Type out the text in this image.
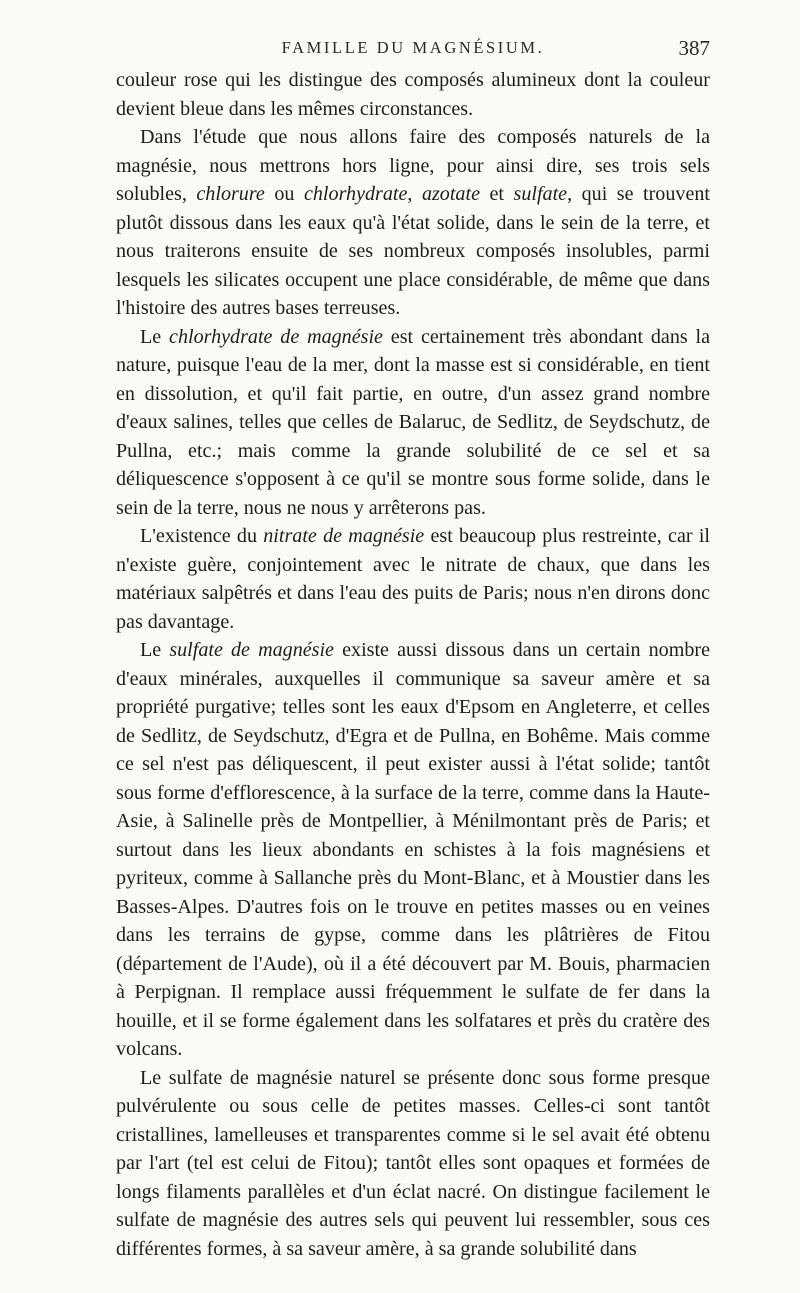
FAMILLE DU MAGNÉSIUM.	387

couleur rose qui les distingue des composés alumineux dont la couleur devient bleue dans les mêmes circonstances.

Dans l'étude que nous allons faire des composés naturels de la magnésie, nous mettrons hors ligne, pour ainsi dire, ses trois sels solubles, chlorure ou chlorhydrate, azotate et sulfate, qui se trouvent plutôt dissous dans les eaux qu'à l'état solide, dans le sein de la terre, et nous traiterons ensuite de ses nombreux composés insolubles, parmi lesquels les silicates occupent une place considérable, de même que dans l'histoire des autres bases terreuses.

Le chlorhydrate de magnésie est certainement très abondant dans la nature, puisque l'eau de la mer, dont la masse est si considérable, en tient en dissolution, et qu'il fait partie, en outre, d'un assez grand nombre d'eaux salines, telles que celles de Balaruc, de Sedlitz, de Seydschutz, de Pullna, etc.; mais comme la grande solubilité de ce sel et sa déliquescence s'opposent à ce qu'il se montre sous forme solide, dans le sein de la terre, nous ne nous y arrêterons pas.

L'existence du nitrate de magnésie est beaucoup plus restreinte, car il n'existe guère, conjointement avec le nitrate de chaux, que dans les matériaux salpêtrés et dans l'eau des puits de Paris; nous n'en dirons donc pas davantage.

Le sulfate de magnésie existe aussi dissous dans un certain nombre d'eaux minérales, auxquelles il communique sa saveur amère et sa propriété purgative; telles sont les eaux d'Epsom en Angleterre, et celles de Sedlitz, de Seydschutz, d'Egra et de Pullna, en Bohême. Mais comme ce sel n'est pas déliquescent, il peut exister aussi à l'état solide; tantôt sous forme d'efflorescence, à la surface de la terre, comme dans la Haute-Asie, à Salinelle près de Montpellier, à Ménilmontant près de Paris; et surtout dans les lieux abondants en schistes à la fois magnésiens et pyriteux, comme à Sallanche près du Mont-Blanc, et à Moustier dans les Basses-Alpes. D'autres fois on le trouve en petites masses ou en veines dans les terrains de gypse, comme dans les plâtrières de Fitou (département de l'Aude), où il a été découvert par M. Bouis, pharmacien à Perpignan. Il remplace aussi fréquemment le sulfate de fer dans la houille, et il se forme également dans les solfatares et près du cratère des volcans.

Le sulfate de magnésie naturel se présente donc sous forme presque pulvérulente ou sous celle de petites masses. Celles-ci sont tantôt cristallines, lamelleuses et transparentes comme si le sel avait été obtenu par l'art (tel est celui de Fitou); tantôt elles sont opaques et formées de longs filaments parallèles et d'un éclat nacré. On distingue facilement le sulfate de magnésie des autres sels qui peuvent lui ressembler, sous ces différentes formes, à sa saveur amère, à sa grande solubilité dans
